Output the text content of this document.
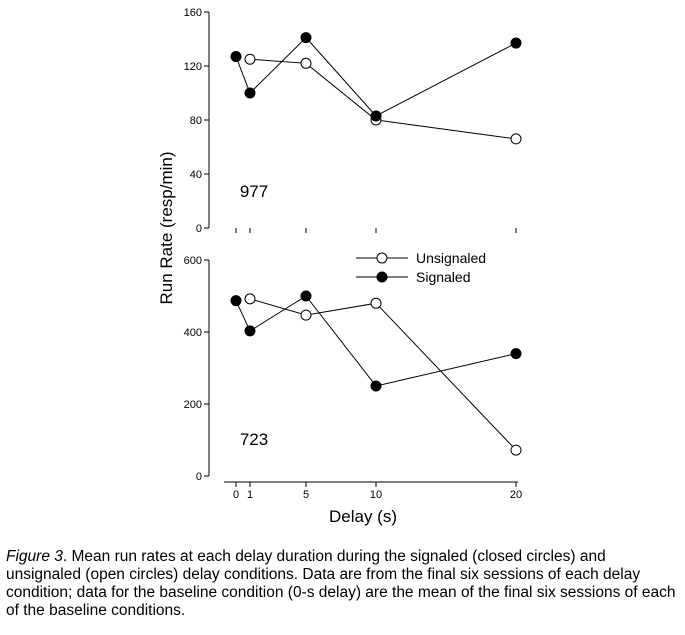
0
40
80
120
160
977
0
200
400
600
0 1	5	10	20
723
Run Rate (resp/min)
Delay (s)
Unsignaled
Signaled
Figure 3. Mean run rates at each delay duration during the signaled (closed circles) and unsignaled (open circles) delay conditions. Data are from the final six sessions of each delay condition; data for the baseline condition (0-s delay) are the mean of the final six sessions of each of the baseline conditions.
